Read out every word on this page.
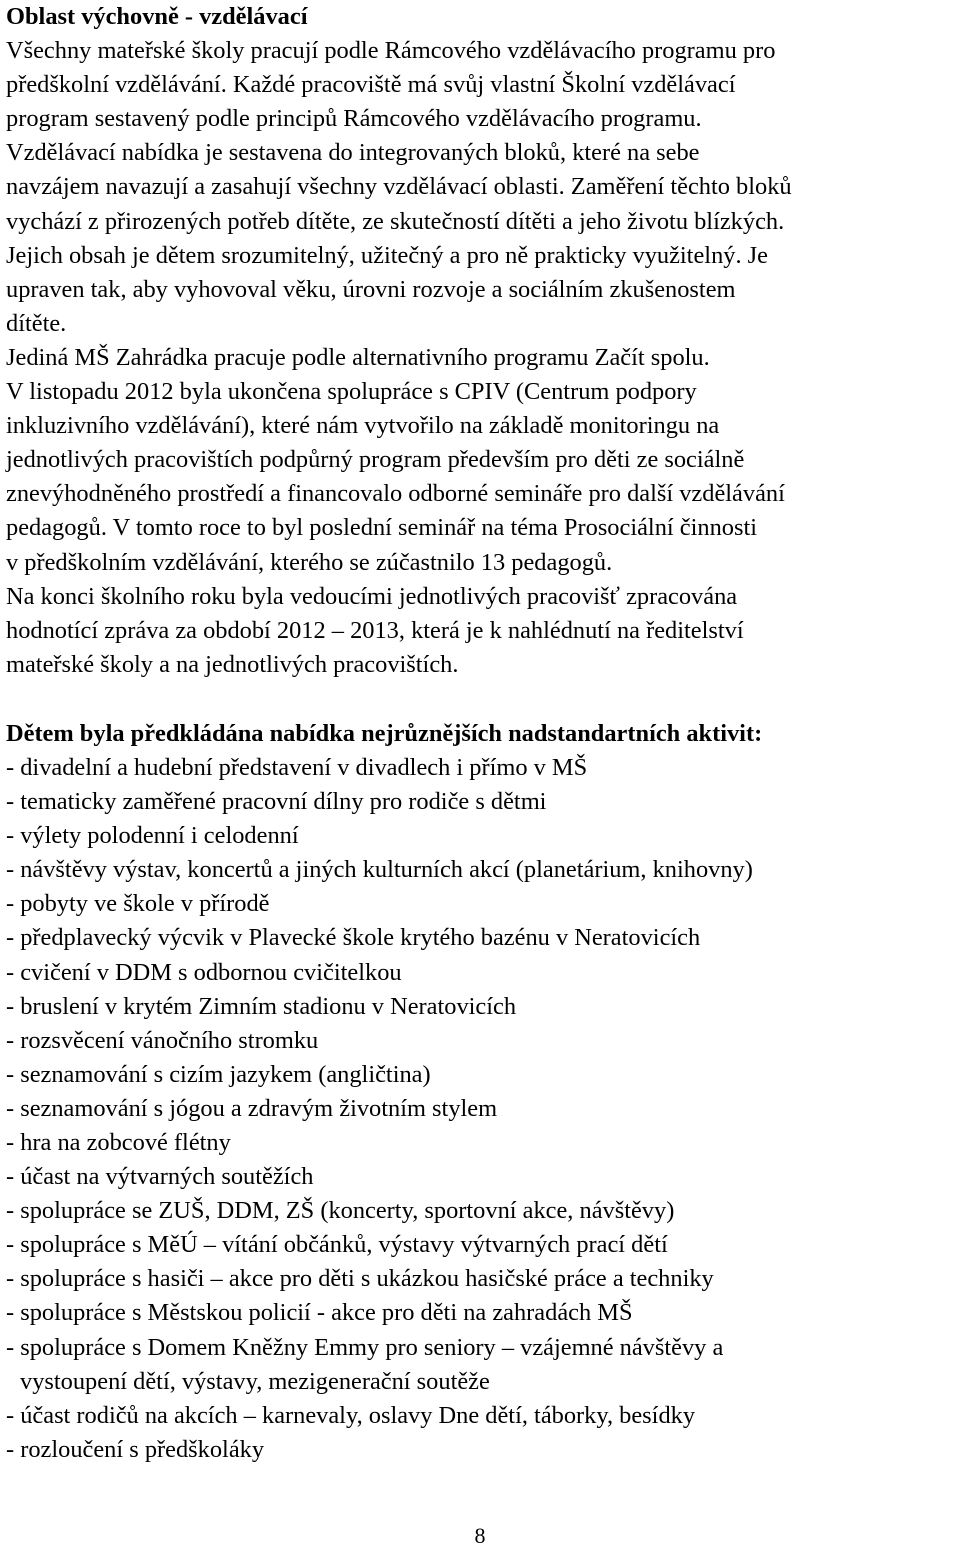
Oblast výchovně - vzdělávací
Všechny mateřské školy pracují podle Rámcového vzdělávacího programu pro
předškolní vzdělávání. Každé pracoviště má svůj vlastní Školní vzdělávací
program sestavený podle principů Rámcového vzdělávacího programu.
Vzdělávací nabídka je sestavena do integrovaných bloků, které na sebe
navzájem navazují a zasahují všechny vzdělávací oblasti. Zaměření těchto bloků
vychází z přirozených potřeb dítěte, ze skutečností dítěti a jeho životu blízkých.
Jejich obsah je dětem srozumitelný, užitečný a pro ně prakticky využitelný. Je
upraven tak, aby vyhovoval věku, úrovni rozvoje a sociálním zkušenostem
dítěte.
Jediná MŠ Zahrádka pracuje podle alternativního programu Začít spolu.
V listopadu 2012 byla ukončena spolupráce s CPIV (Centrum podpory
inkluzivního vzdělávání), které nám vytvořilo na základě monitoringu na
jednotlivých pracovištích podpůrný program především pro děti ze sociálně
znevýhodněného prostředí a financovalo odborné semináře pro další vzdělávání
pedagogů. V tomto roce to byl poslední seminář na téma Prosociální činnosti
v předškolním vzdělávání, kterého se zúčastnilo 13 pedagogů.
Na konci školního roku byla vedoucími jednotlivých pracovišť zpracována
hodnotící zpráva za období 2012 – 2013, která je k nahlédnutí na ředitelství
mateřské školy a na jednotlivých pracovištích.
Dětem byla předkládána nabídka nejrůznějších nadstandartních aktivit:
- divadelní a hudební představení v divadlech i přímo v MŠ
- tematicky zaměřené pracovní dílny pro rodiče s dětmi
- výlety polodenní i celodenní
- návštěvy výstav, koncertů a jiných kulturních akcí (planetárium, knihovny)
- pobyty ve škole v přírodě
- předplavecký výcvik v Plavecké škole krytého bazénu v Neratovicích
- cvičení v DDM s odbornou cvičitelkou
- bruslení v krytém Zimním stadionu v Neratovicích
- rozsvěcení vánočního stromku
- seznamování s cizím jazykem (angličtina)
- seznamování s jógou a zdravým životním stylem
- hra na zobcové flétny
- účast na výtvarných soutěžích
- spolupráce se ZUŠ, DDM, ZŠ (koncerty, sportovní akce, návštěvy)
- spolupráce s MěÚ – vítání občánků, výstavy výtvarných prací dětí
- spolupráce s hasiči – akce pro děti s ukázkou hasičské práce a techniky
- spolupráce s Městskou policií - akce pro děti na zahradách MŠ
- spolupráce s Domem Kněžny Emmy pro seniory – vzájemné návštěvy a
vystoupení dětí, výstavy, mezigenerační soutěže
- účast rodičů na akcích – karnevaly, oslavy Dne dětí, táborky, besídky
- rozloučení s předškoláky
8
